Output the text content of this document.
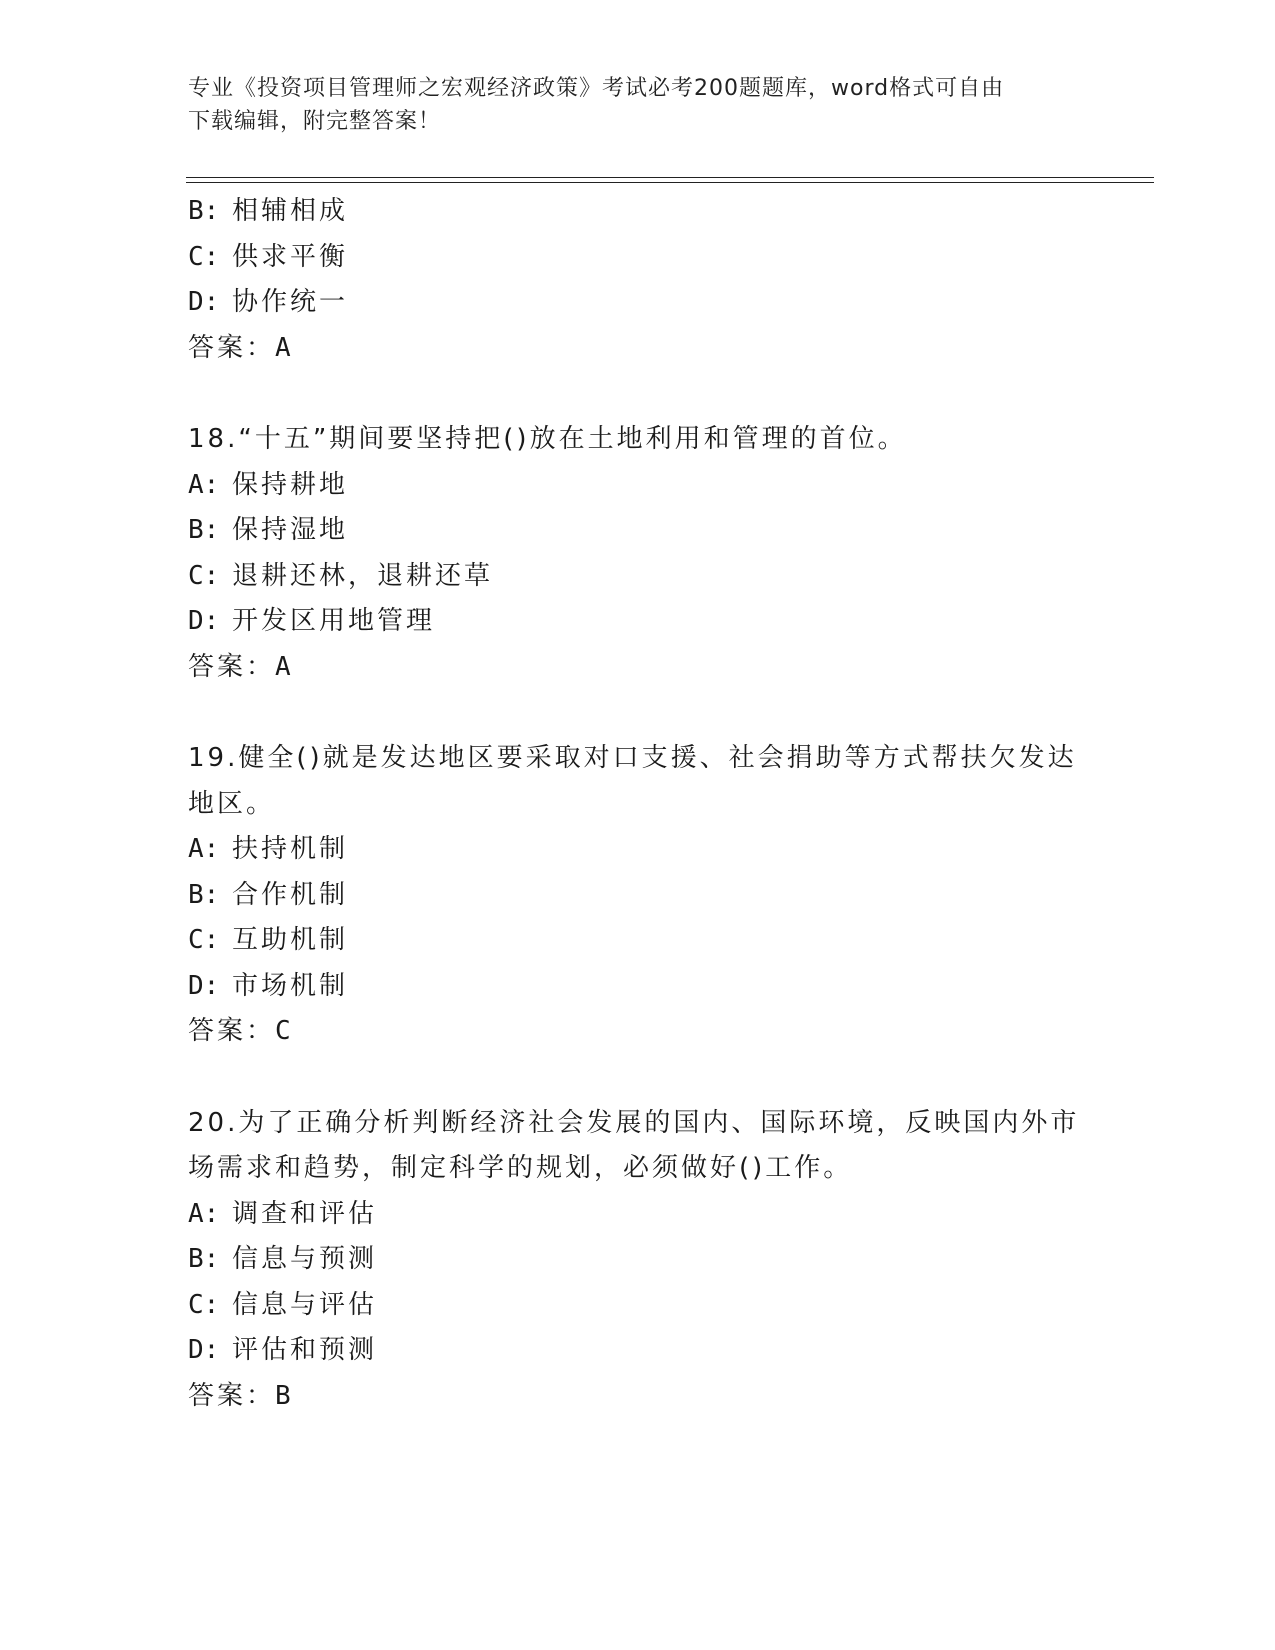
专业《投资项目管理师之宏观经济政策》考试必考200题题库，word格式可自由
下载编辑，附完整答案！
B: 相辅相成
C: 供求平衡
D: 协作统一
答案：A
18.“十五”期间要坚持把()放在土地利用和管理的首位。
A: 保持耕地
B: 保持湿地
C: 退耕还林，退耕还草
D: 开发区用地管理
答案：A
19.健全()就是发达地区要采取对口支援、社会捐助等方式帮扶欠发达
地区。
A: 扶持机制
B: 合作机制
C: 互助机制
D: 市场机制
答案：C
20.为了正确分析判断经济社会发展的国内、国际环境，反映国内外市
场需求和趋势，制定科学的规划，必须做好()工作。
A: 调查和评估
B: 信息与预测
C: 信息与评估
D: 评估和预测
答案：B
